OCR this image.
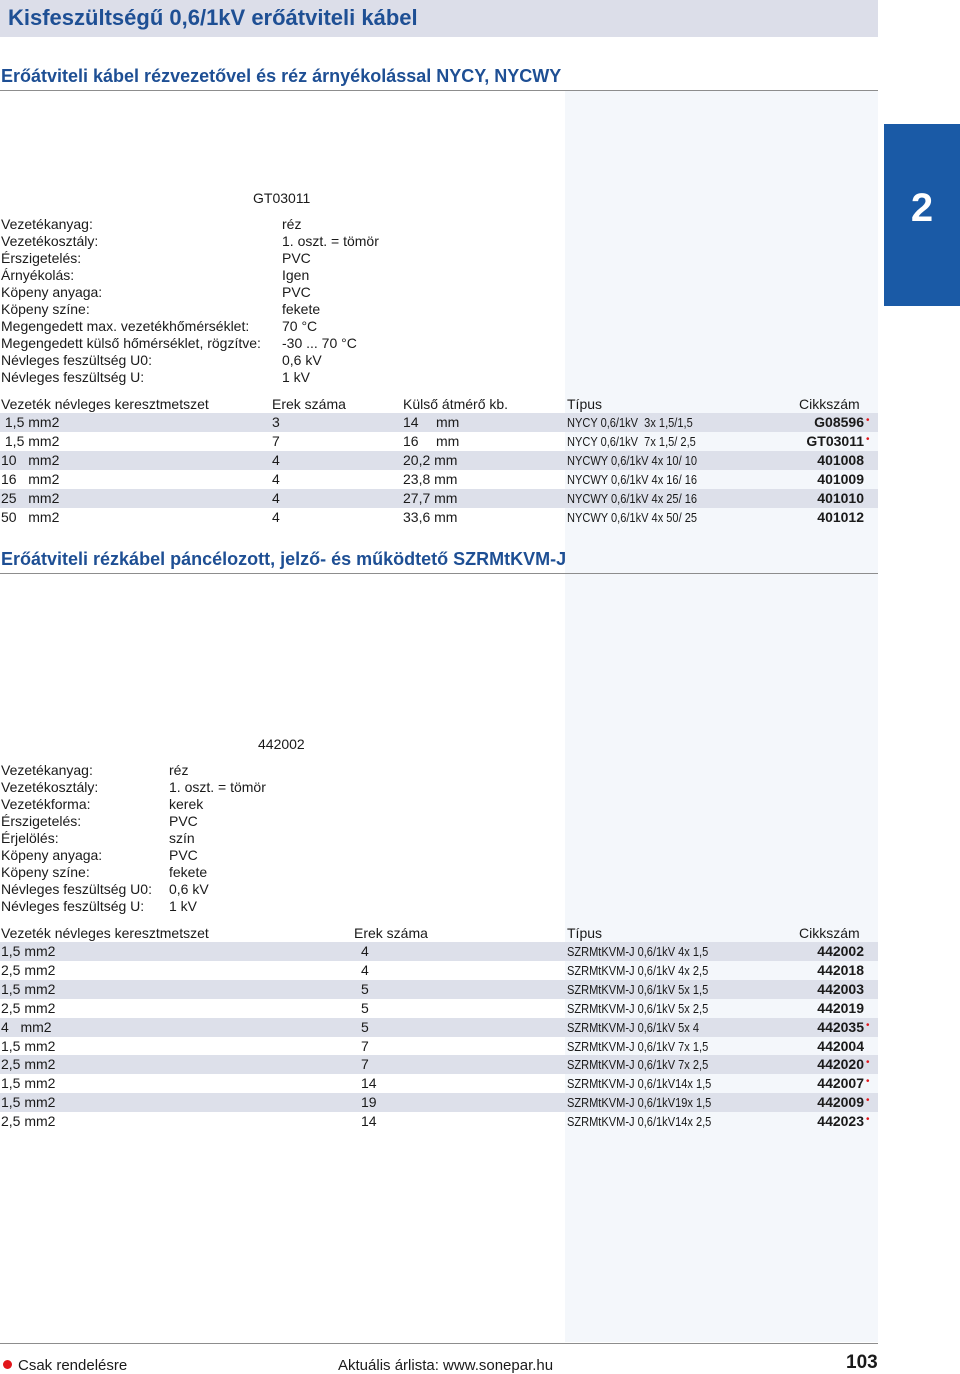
Kisfeszültségű 0,6/1kV erőátviteli kábel
2
Erőátviteli kábel rézvezetővel és réz árnyékolással NYCY, NYCWY
GT03011
Vezetékanyag:	réz
Vezetékosztály:	1. oszt. = tömör
Érszigetelés:	PVC
Árnyékolás:	Igen
Köpeny anyaga:	PVC
Köpeny színe:	fekete
Megengedett max. vezetékhőmérséklet: 70 °C
Megengedett külső hőmérséklet, rögzítve: -30 ... 70 °C
Névleges feszültség U0:	0,6 kV
Névleges feszültség U:	1 kV
Vezeték névleges keresztmetszet	Erek száma	Külső átmérő kb.	Típus	Cikkszám
1,5 mm2	3	14 mm	NYCY 0,6/1kV  3x 1,5/1,5	G08596 •
1,5 mm2	7	16 mm	NYCY 0,6/1kV  7x 1,5/ 2,5	GT03011 •
10   mm2	4	20,2 mm	NYCWY 0,6/1kV 4x 10/ 10	401008
16   mm2	4	23,8 mm	NYCWY 0,6/1kV 4x 16/ 16	401009
25   mm2	4	27,7 mm	NYCWY 0,6/1kV 4x 25/ 16	401010
50   mm2	4	33,6 mm	NYCWY 0,6/1kV 4x 50/ 25	401012
Erőátviteli rézkábel páncélozott, jelző- és működtető SZRMtKVM-J
442002
Vezetékanyag:	réz
Vezetékosztály:	1. oszt. = tömör
Vezetékforma:	kerek
Érszigetelés:	PVC
Érjelölés:	szín
Köpeny anyaga:	PVC
Köpeny színe:	fekete
Névleges feszültség U0: 0,6 kV
Névleges feszültség U: 1 kV
Vezeték névleges keresztmetszet	Erek száma	Típus	Cikkszám
1,5 mm2	4	SZRMtKVM-J 0,6/1kV 4x 1,5	442002
2,5 mm2	4	SZRMtKVM-J 0,6/1kV 4x 2,5	442018
1,5 mm2	5	SZRMtKVM-J 0,6/1kV 5x 1,5	442003
2,5 mm2	5	SZRMtKVM-J 0,6/1kV 5x 2,5	442019
4   mm2	5	SZRMtKVM-J 0,6/1kV 5x 4	442035 •
1,5 mm2	7	SZRMtKVM-J 0,6/1kV 7x 1,5	442004
2,5 mm2	7	SZRMtKVM-J 0,6/1kV 7x 2,5	442020 •
1,5 mm2	14	SZRMtKVM-J 0,6/1kV14x 1,5	442007 •
1,5 mm2	19	SZRMtKVM-J 0,6/1kV19x 1,5	442009 •
2,5 mm2	14	SZRMtKVM-J 0,6/1kV14x 2,5	442023 •
Csak rendelésre	Aktuális árlista: www.sonepar.hu	103
